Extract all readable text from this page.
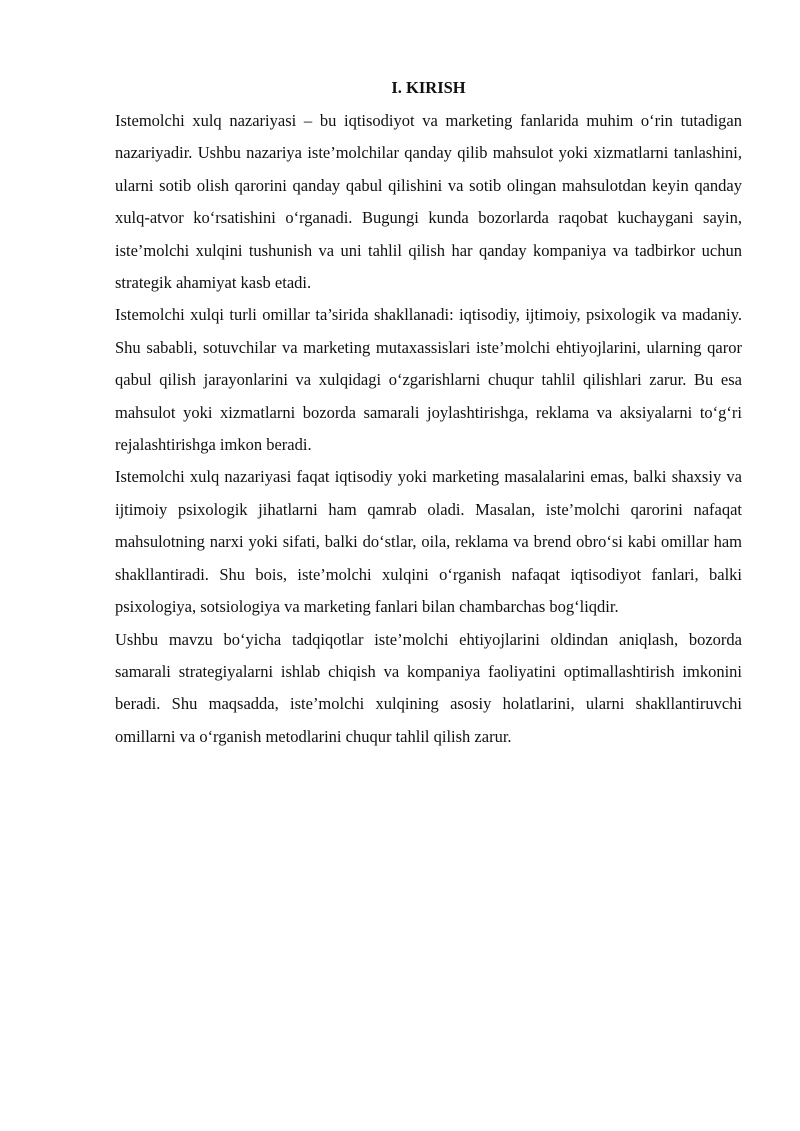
I. KIRISH

Istemolchi xulq nazariyasi – bu iqtisodiyot va marketing fanlarida muhim o‘rin tutadigan nazariyadir. Ushbu nazariya iste’molchilar qanday qilib mahsulot yoki xizmatlarni tanlashini, ularni sotib olish qarorini qanday qabul qilishini va sotib olingan mahsulotdan keyin qanday xulq-atvor ko‘rsatishini o‘rganadi. Bugungi kunda bozorlarda raqobat kuchaygani sayin, iste’molchi xulqini tushunish va uni tahlil qilish har qanday kompaniya va tadbirkor uchun strategik ahamiyat kasb etadi.

Istemolchi xulqi turli omillar ta’sirida shakllanadi: iqtisodiy, ijtimoiy, psixologik va madaniy. Shu sababli, sotuvchilar va marketing mutaxassislari iste’molchi ehtiyojlarini, ularning qaror qabul qilish jarayonlarini va xulqidagi o‘zgarishlarni chuqur tahlil qilishlari zarur. Bu esa mahsulot yoki xizmatlarni bozorda samarali joylashtirishga, reklama va aksiyalarni to‘g‘ri rejalashtirishga imkon beradi.

Istemolchi xulq nazariyasi faqat iqtisodiy yoki marketing masalalarini emas, balki shaxsiy va ijtimoiy psixologik jihatlarni ham qamrab oladi. Masalan, iste’molchi qarorini nafaqat mahsulotning narxi yoki sifati, balki do‘stlar, oila, reklama va brend obro‘si kabi omillar ham shakllantiradi. Shu bois, iste’molchi xulqini o‘rganish nafaqat iqtisodiyot fanlari, balki psixologiya, sotsiologiya va marketing fanlari bilan chambarchas bog‘liqdir.

Ushbu mavzu bo‘yicha tadqiqotlar iste’molchi ehtiyojlarini oldindan aniqlash, bozorda samarali strategiyalarni ishlab chiqish va kompaniya faoliyatini optimallashtirish imkonini beradi. Shu maqsadda, iste’molchi xulqining asosiy holatlarini, ularni shakllantiruvchi omillarni va o‘rganish metodlarini chuqur tahlil qilish zarur.
